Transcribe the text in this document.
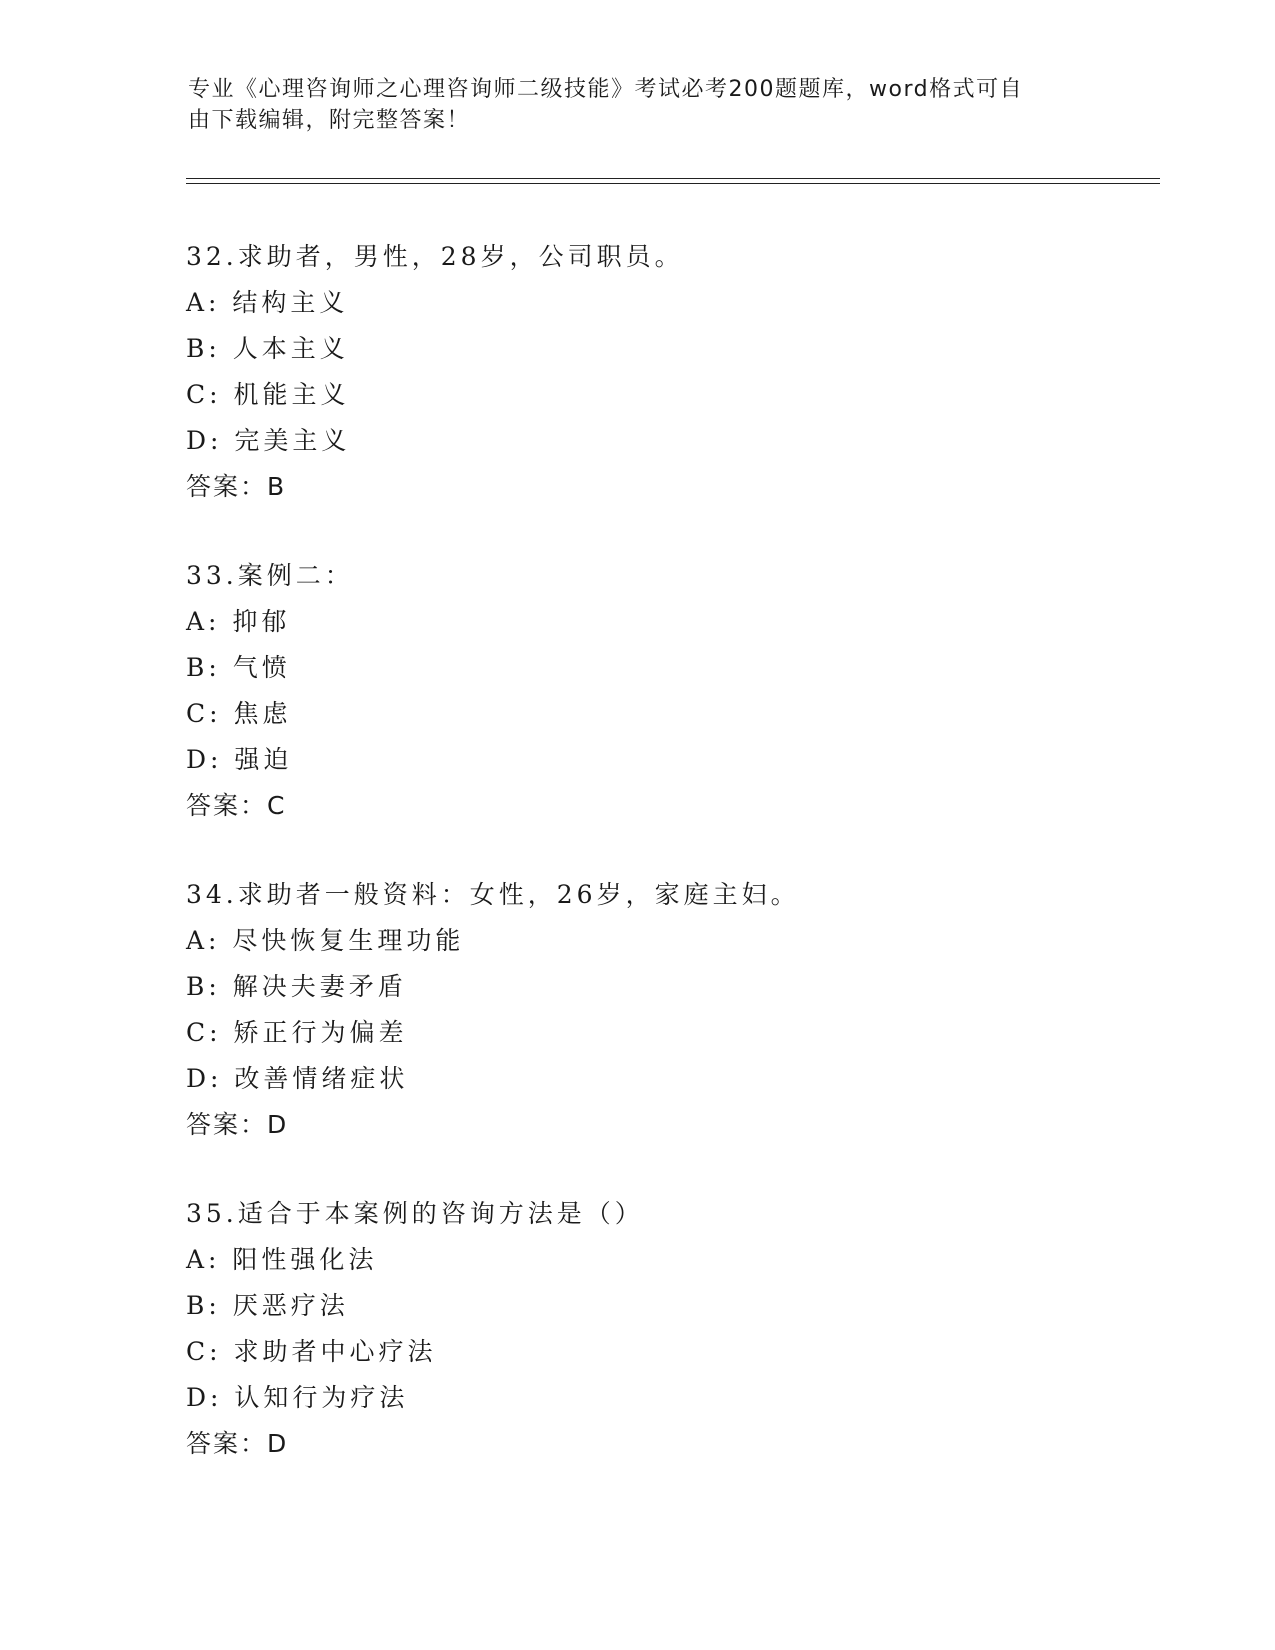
专业《心理咨询师之心理咨询师二级技能》考试必考200题题库，word格式可自
由下载编辑，附完整答案！
32.求助者，男性，28岁，公司职员。
A: 结构主义
B: 人本主义
C: 机能主义
D: 完美主义
答案：B
33.案例二：
A: 抑郁
B: 气愤
C: 焦虑
D: 强迫
答案：C
34.求助者一般资料：女性，26岁，家庭主妇。
A: 尽快恢复生理功能
B: 解决夫妻矛盾
C: 矫正行为偏差
D: 改善情绪症状
答案：D
35.适合于本案例的咨询方法是（）
A: 阳性强化法
B: 厌恶疗法
C: 求助者中心疗法
D: 认知行为疗法
答案：D
